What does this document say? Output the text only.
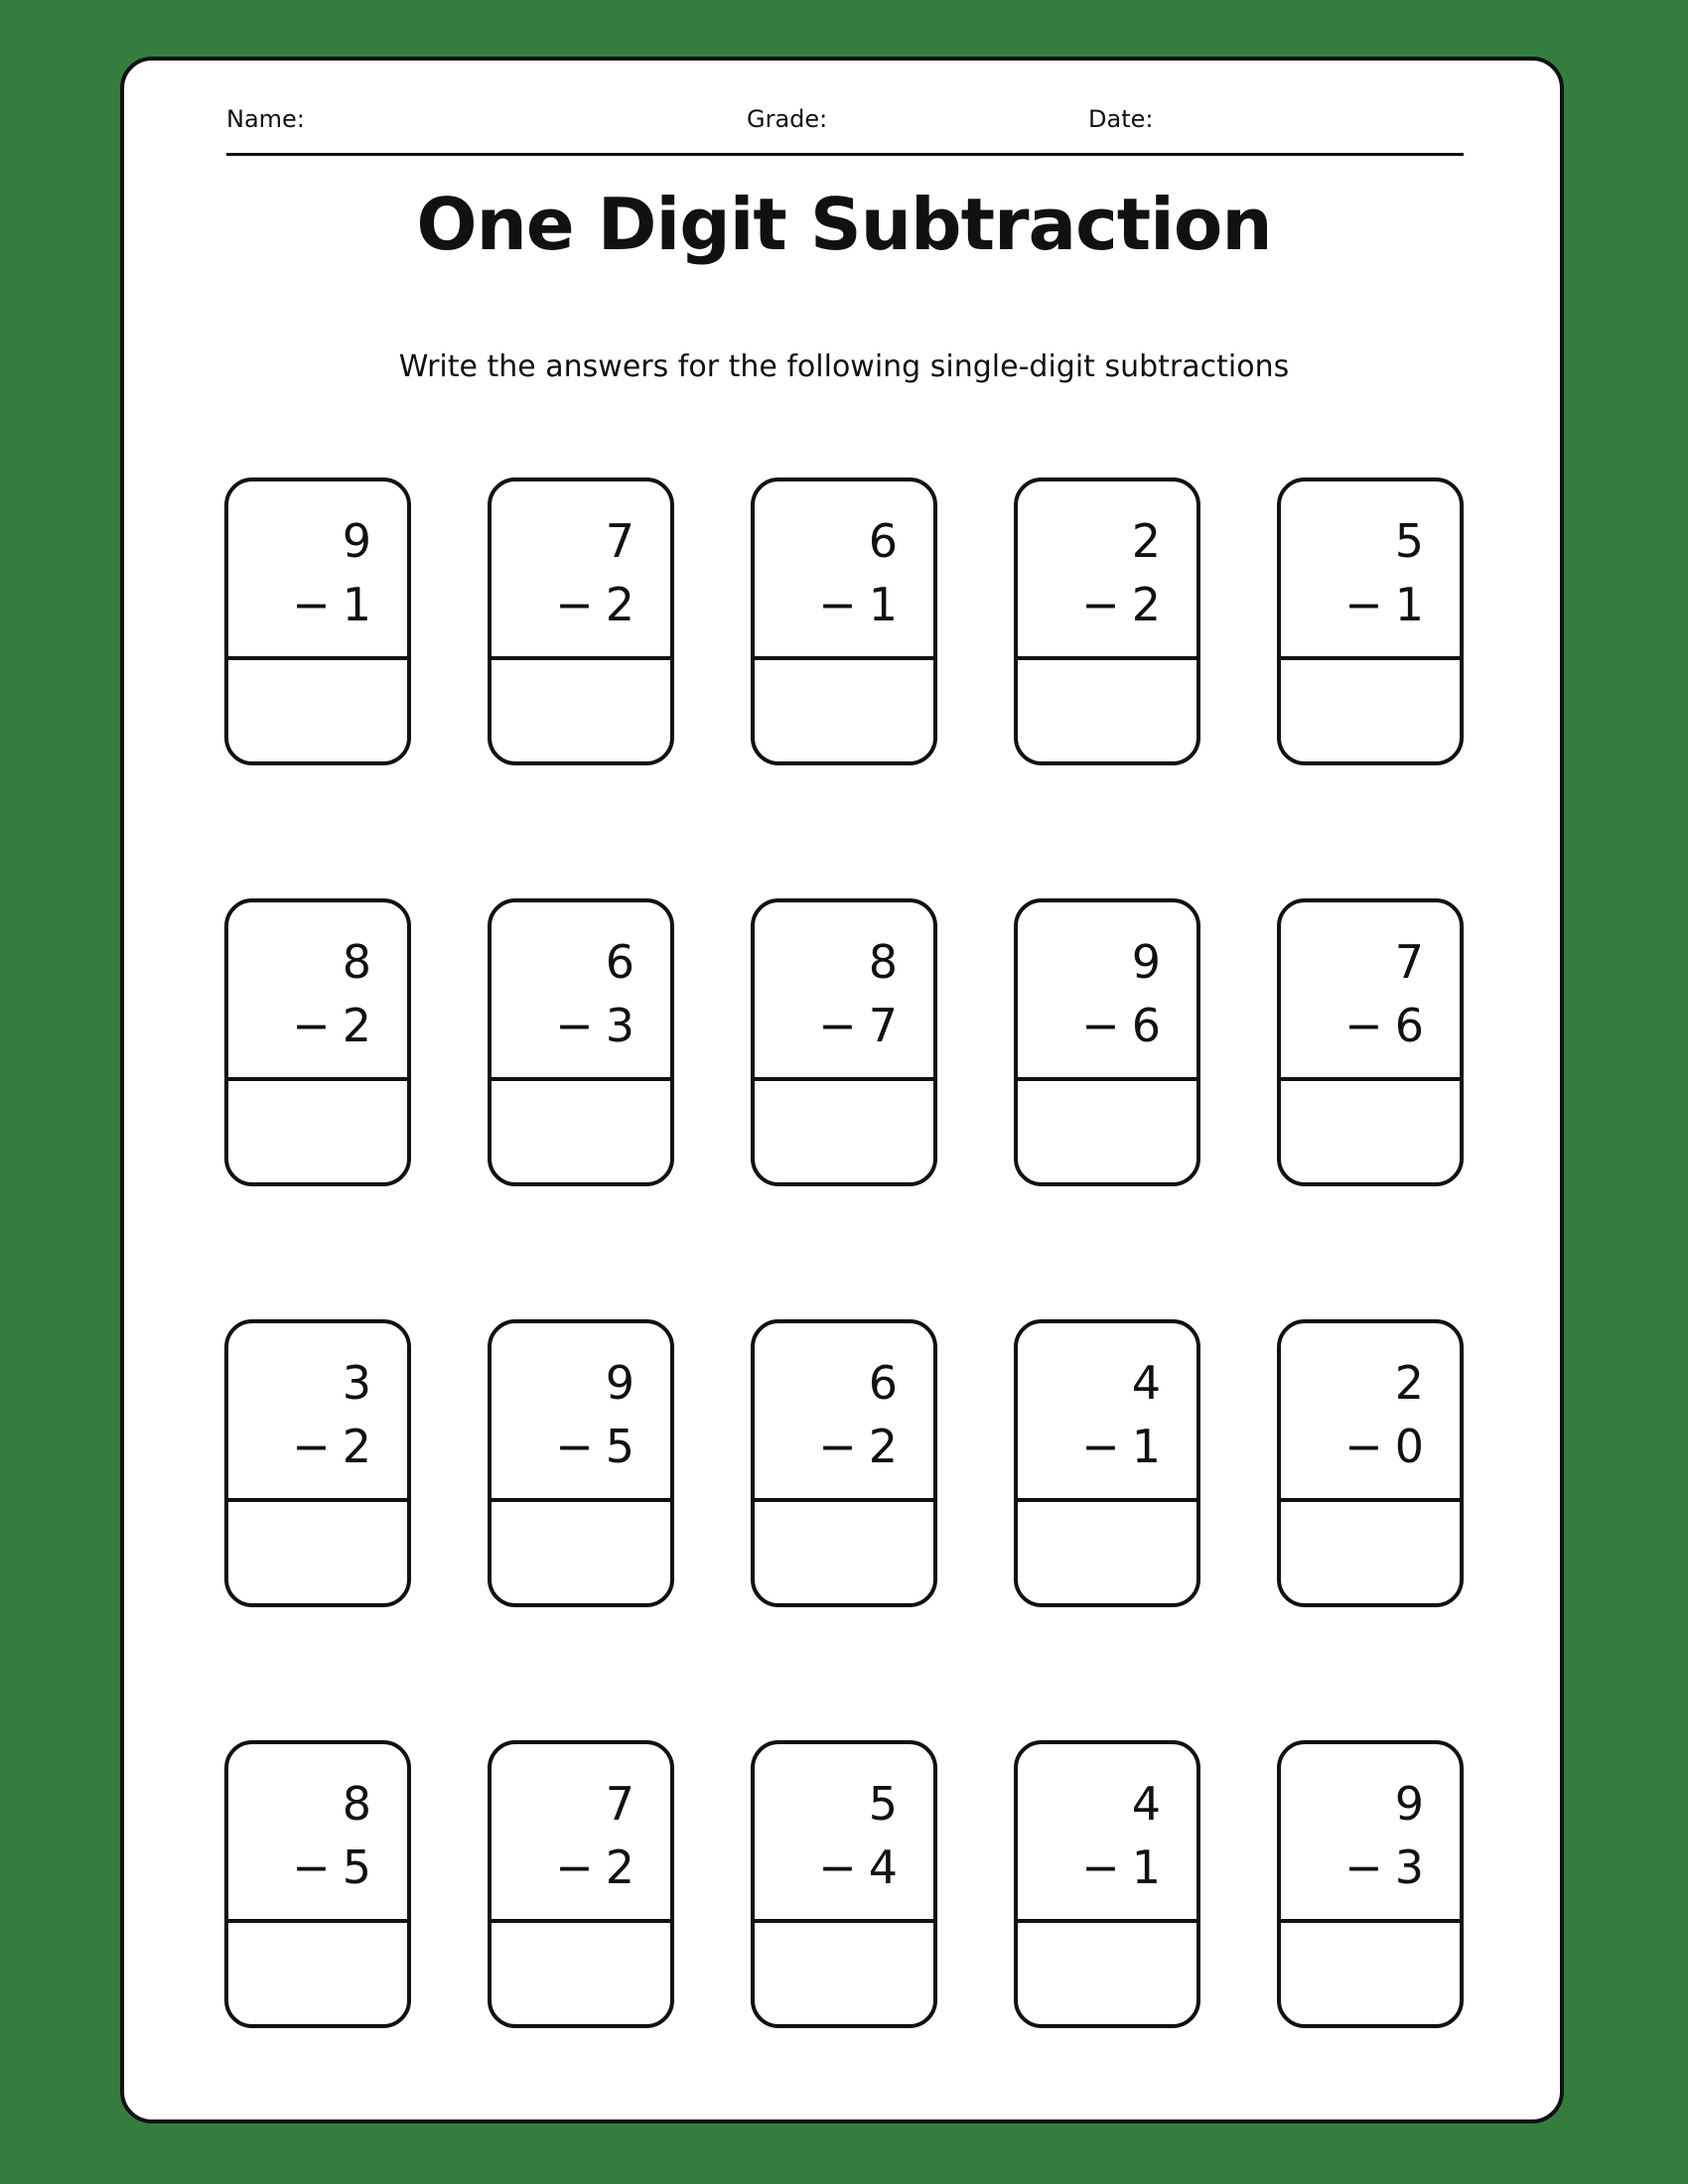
Name:	Grade:	Date:
One Digit Subtraction
Write the answers for the following single-digit subtractions
9
− 1
7
− 2
6
− 1
2
− 2
5
− 1
8
− 2
6
− 3
8
− 7
9
− 6
7
− 6
3
− 2
9
− 5
6
− 2
4
− 1
2
− 0
8
− 5
7
− 2
5
− 4
4
− 1
9
− 3
